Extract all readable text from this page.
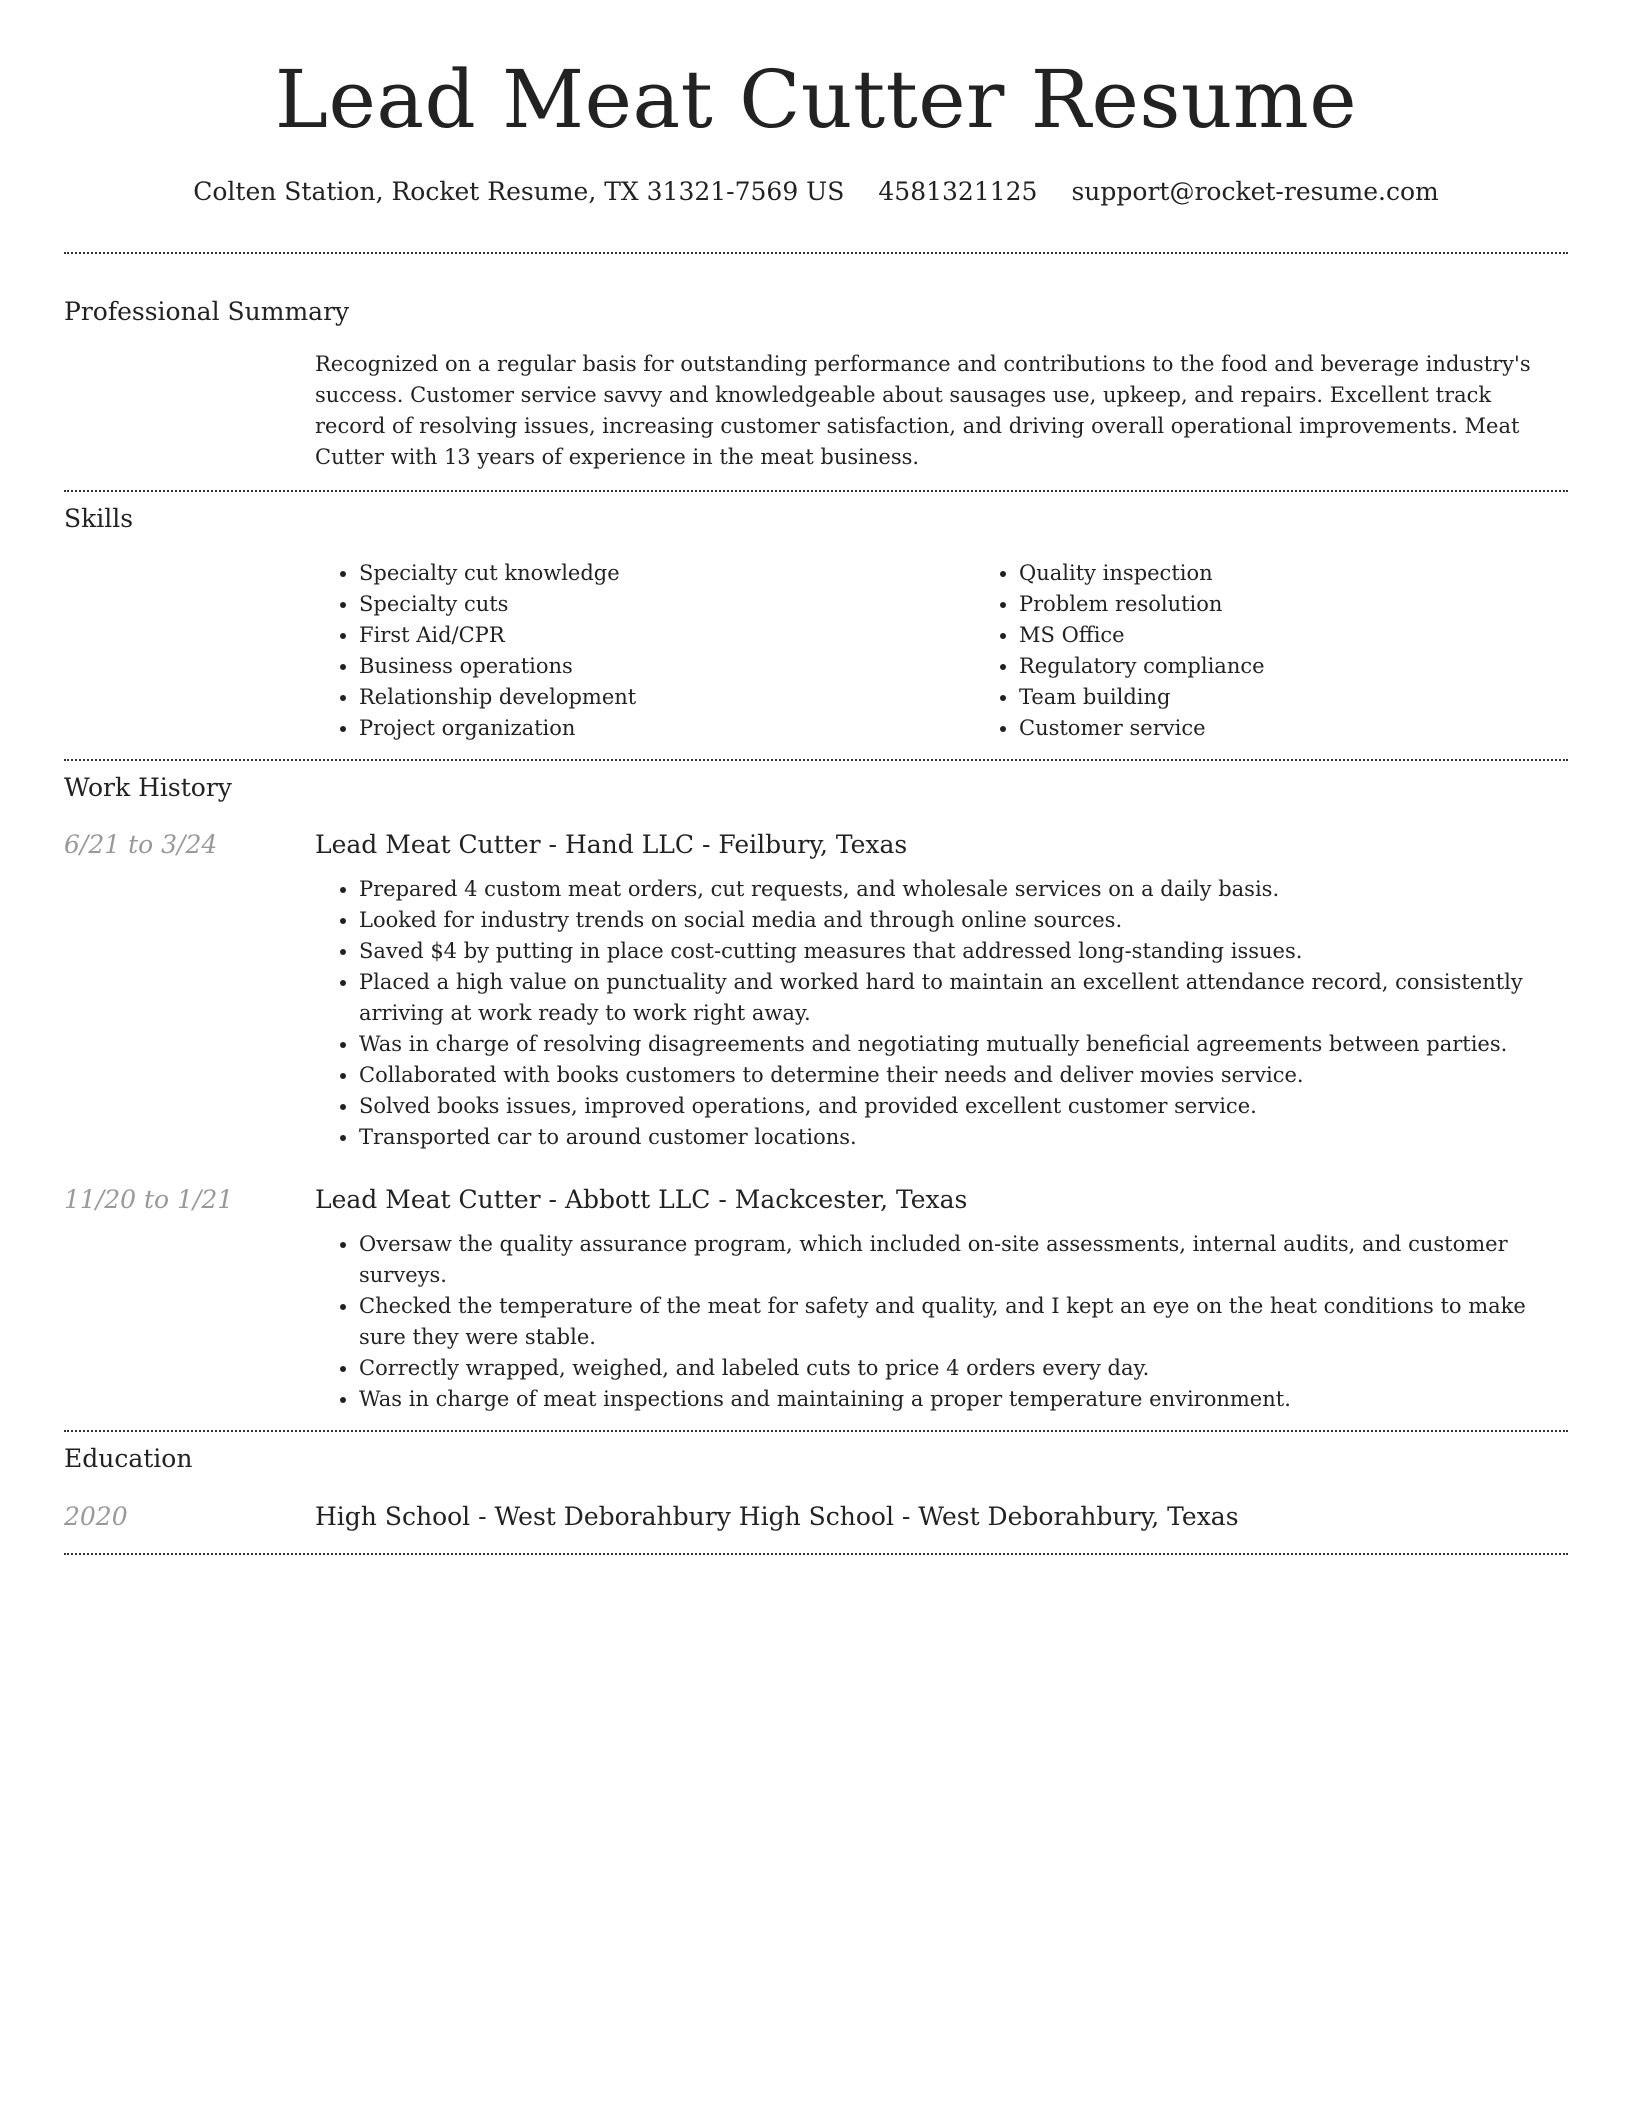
Lead Meat Cutter Resume
Colten Station, Rocket Resume, TX 31321-7569 US 4581321125 support@rocket-resume.com
Professional Summary

Recognized on a regular basis for outstanding performance and contributions to the food and beverage industry's success. Customer service savvy and knowledgeable about sausages use, upkeep, and repairs. Excellent track record of resolving issues, increasing customer satisfaction, and driving overall operational improvements. Meat Cutter with 13 years of experience in the meat business.

Skills
• Specialty cut knowledge
• Specialty cuts
• First Aid/CPR
• Business operations
• Relationship development
• Project organization
• Quality inspection
• Problem resolution
• MS Office
• Regulatory compliance
• Team building
• Customer service
Work History
6/21 to 3/24	Lead Meat Cutter - Hand LLC - Feilbury, Texas
• Prepared 4 custom meat orders, cut requests, and wholesale services on a daily basis.
• Looked for industry trends on social media and through online sources.
• Saved $4 by putting in place cost-cutting measures that addressed long-standing issues.
• Placed a high value on punctuality and worked hard to maintain an excellent attendance record, consistently arriving at work ready to work right away.
• Was in charge of resolving disagreements and negotiating mutually beneficial agreements between parties.
• Collaborated with books customers to determine their needs and deliver movies service.
• Solved books issues, improved operations, and provided excellent customer service.
• Transported car to around customer locations.
11/20 to 1/21	Lead Meat Cutter - Abbott LLC - Mackcester, Texas
• Oversaw the quality assurance program, which included on-site assessments, internal audits, and customer surveys.
• Checked the temperature of the meat for safety and quality, and I kept an eye on the heat conditions to make sure they were stable.
• Correctly wrapped, weighed, and labeled cuts to price 4 orders every day.
• Was in charge of meat inspections and maintaining a proper temperature environment.
Education
2020	High School - West Deborahbury High School - West Deborahbury, Texas
